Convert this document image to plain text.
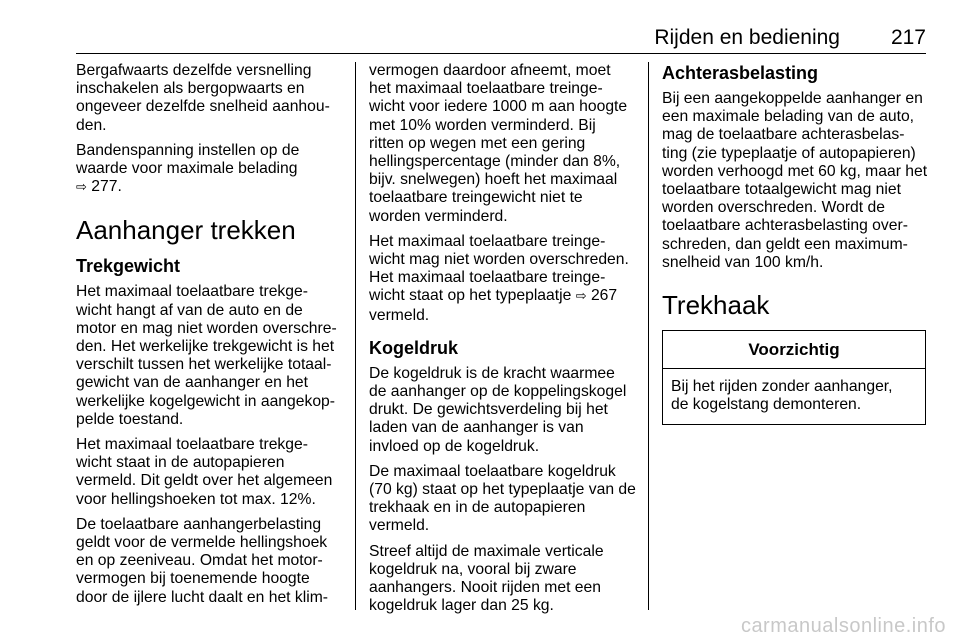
Rijden en bediening 217

Bergafwaarts dezelfde versnelling
inschakelen als bergopwaarts en
ongeveer dezelfde snelheid aanhou-
den.

Bandenspanning instellen op de
waarde voor maximale belading
⇨ 277.

Aanhanger trekken
Trekgewicht

Het maximaal toelaatbare trekge-
wicht hangt af van de auto en de
motor en mag niet worden overschre-
den. Het werkelijke trekgewicht is het
verschilt tussen het werkelijke totaal-
gewicht van de aanhanger en het
werkelijke kogelgewicht in aangekop-
pelde toestand.

Het maximaal toelaatbare trekge-
wicht staat in de autopapieren
vermeld. Dit geldt over het algemeen
voor hellingshoeken tot max. 12%.

De toelaatbare aanhangerbelasting
geldt voor de vermelde hellingshoek
en op zeeniveau. Omdat het motor-
vermogen bij toenemende hoogte
door de ijlere lucht daalt en het klim-

vermogen daardoor afneemt, moet
het maximaal toelaatbare treinge-
wicht voor iedere 1000 m aan hoogte
met 10% worden verminderd. Bij
ritten op wegen met een gering
hellingspercentage (minder dan 8%,
bijv. snelwegen) hoeft het maximaal
toelaatbare treingewicht niet te
worden verminderd.

Het maximaal toelaatbare treinge-
wicht mag niet worden overschreden.
Het maximaal toelaatbare treinge-
wicht staat op het typeplaatje ⇨ 267
vermeld.

Kogeldruk

De kogeldruk is de kracht waarmee
de aanhanger op de koppelingskogel
drukt. De gewichtsverdeling bij het
laden van de aanhanger is van
invloed op de kogeldruk.

De maximaal toelaatbare kogeldruk
(70 kg) staat op het typeplaatje van de
trekhaak en in de autopapieren
vermeld.

Streef altijd de maximale verticale
kogeldruk na, vooral bij zware
aanhangers. Nooit rijden met een
kogeldruk lager dan 25 kg.

Achterasbelasting

Bij een aangekoppelde aanhanger en
een maximale belading van de auto,
mag de toelaatbare achterasbelas-
ting (zie typeplaatje of autopapieren)
worden verhoogd met 60 kg, maar het
toelaatbare totaalgewicht mag niet
worden overschreden. Wordt de
toelaatbare achterasbelasting over-
schreden, dan geldt een maximum-
snelheid van 100 km/h.

Trekhaak
Voorzichtig
Bij het rijden zonder aanhanger,
de kogelstang demonteren.
carmanualsonline.info
